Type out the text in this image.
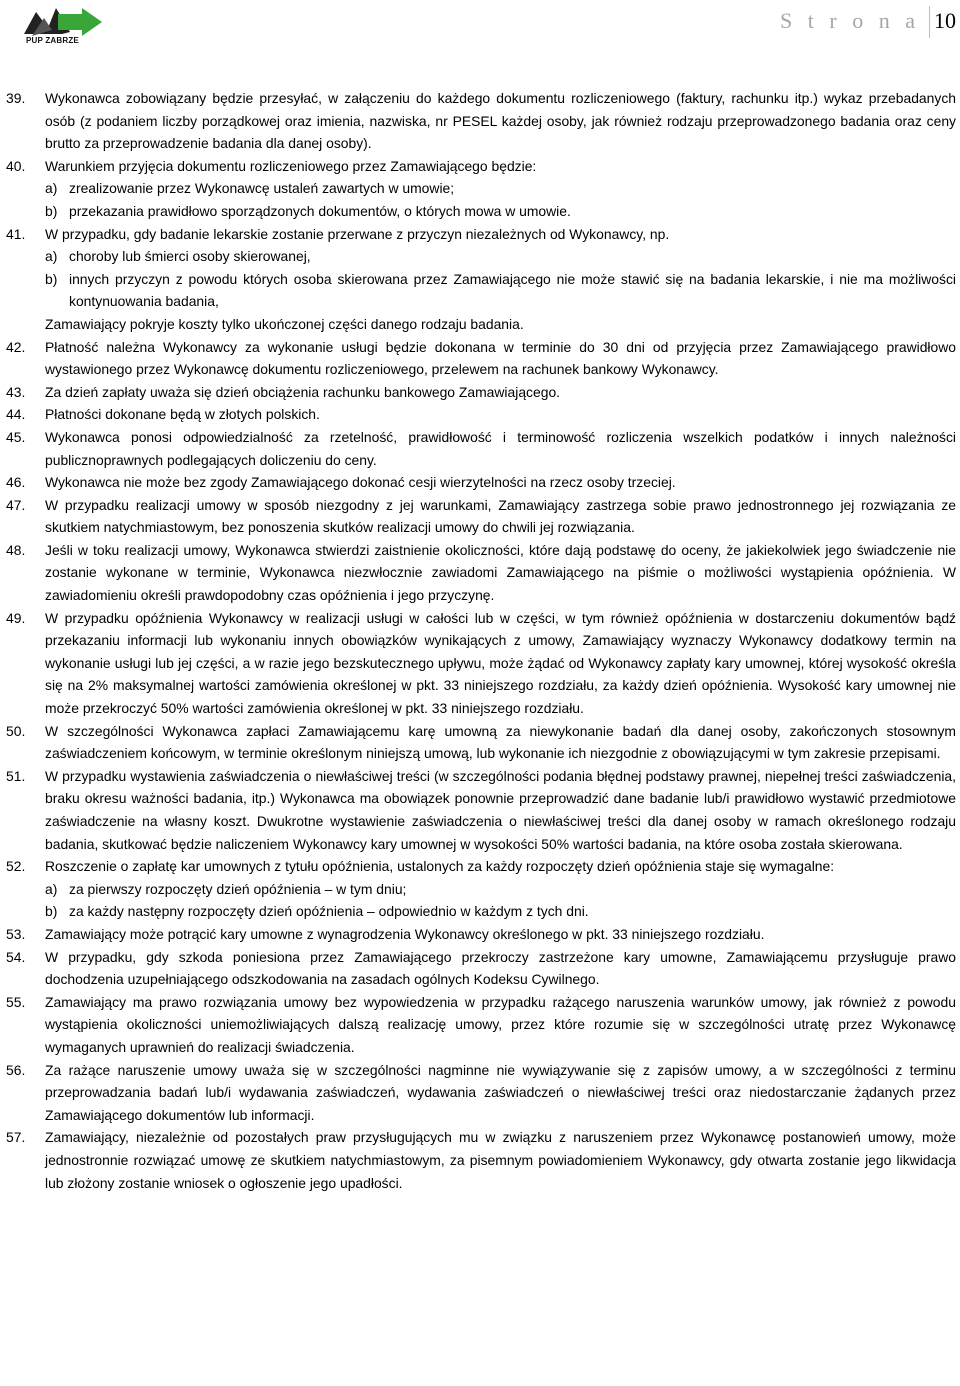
PUP ZABRZE
S t r o n a 10
39. Wykonawca zobowiązany będzie przesyłać, w załączeniu do każdego dokumentu rozliczeniowego (faktury, rachunku itp.) wykaz przebadanych osób (z podaniem liczby porządkowej oraz imienia, nazwiska, nr PESEL każdej osoby, jak również rodzaju przeprowadzonego badania oraz ceny brutto za przeprowadzenie badania dla danej osoby).
40. Warunkiem przyjęcia dokumentu rozliczeniowego przez Zamawiającego będzie:
a) zrealizowanie przez Wykonawcę ustaleń zawartych w umowie;
b) przekazania prawidłowo sporządzonych dokumentów, o których mowa w umowie.
41. W przypadku, gdy badanie lekarskie zostanie przerwane z przyczyn niezależnych od Wykonawcy, np.
a) choroby lub śmierci osoby skierowanej,
b) innych przyczyn z powodu których osoba skierowana przez Zamawiającego nie może stawić się na badania lekarskie, i nie ma możliwości kontynuowania badania,
Zamawiający pokryje koszty tylko ukończonej części danego rodzaju badania.
42. Płatność należna Wykonawcy za wykonanie usługi będzie dokonana w terminie do 30 dni od przyjęcia przez Zamawiającego prawidłowo wystawionego przez Wykonawcę dokumentu rozliczeniowego, przelewem na rachunek bankowy Wykonawcy.
43. Za dzień zapłaty uważa się dzień obciążenia rachunku bankowego Zamawiającego.
44. Płatności dokonane będą w złotych polskich.
45. Wykonawca ponosi odpowiedzialność za rzetelność, prawidłowość i terminowość rozliczenia wszelkich podatków i innych należności publicznoprawnych podlegających doliczeniu do ceny.
46. Wykonawca nie może bez zgody Zamawiającego dokonać cesji wierzytelności na rzecz osoby trzeciej.
47. W przypadku realizacji umowy w sposób niezgodny z jej warunkami, Zamawiający zastrzega sobie prawo jednostronnego jej rozwiązania ze skutkiem natychmiastowym, bez ponoszenia skutków realizacji umowy do chwili jej rozwiązania.
48. Jeśli w toku realizacji umowy, Wykonawca stwierdzi zaistnienie okoliczności, które dają podstawę do oceny, że jakiekolwiek jego świadczenie nie zostanie wykonane w terminie, Wykonawca niezwłocznie zawiadomi Zamawiającego na piśmie o możliwości wystąpienia opóźnienia. W zawiadomieniu określi prawdopodobny czas opóźnienia i jego przyczynę.
49. W przypadku opóźnienia Wykonawcy w realizacji usługi w całości lub w części, w tym również opóźnienia w dostarczeniu dokumentów bądź przekazaniu informacji lub wykonaniu innych obowiązków wynikających z umowy, Zamawiający wyznaczy Wykonawcy dodatkowy termin na wykonanie usługi lub jej części, a w razie jego bezskutecznego upływu, może żądać od Wykonawcy zapłaty kary umownej, której wysokość określa się na 2% maksymalnej wartości zamówienia określonej w pkt. 33 niniejszego rozdziału, za każdy dzień opóźnienia. Wysokość kary umownej nie może przekroczyć 50% wartości zamówienia określonej w pkt. 33 niniejszego rozdziału.
50. W szczególności Wykonawca zapłaci Zamawiającemu karę umowną za niewykonanie badań dla danej osoby, zakończonych stosownym zaświadczeniem końcowym, w terminie określonym niniejszą umową, lub wykonanie ich niezgodnie z obowiązującymi w tym zakresie przepisami.
51. W przypadku wystawienia zaświadczenia o niewłaściwej treści (w szczególności podania błędnej podstawy prawnej, niepełnej treści zaświadczenia, braku okresu ważności badania, itp.) Wykonawca ma obowiązek ponownie przeprowadzić dane badanie lub/i prawidłowo wystawić przedmiotowe zaświadczenie na własny koszt. Dwukrotne wystawienie zaświadczenia o niewłaściwej treści dla danej osoby w ramach określonego rodzaju badania, skutkować będzie naliczeniem Wykonawcy kary umownej w wysokości 50% wartości badania, na które osoba została skierowana.
52. Roszczenie o zapłatę kar umownych z tytułu opóźnienia, ustalonych za każdy rozpoczęty dzień opóźnienia staje się wymagalne:
a) za pierwszy rozpoczęty dzień opóźnienia – w tym dniu;
b) za każdy następny rozpoczęty dzień opóźnienia – odpowiednio w każdym z tych dni.
53. Zamawiający może potrącić kary umowne z wynagrodzenia Wykonawcy określonego w pkt. 33 niniejszego rozdziału.
54. W przypadku, gdy szkoda poniesiona przez Zamawiającego przekroczy zastrzeżone kary umowne, Zamawiającemu przysługuje prawo dochodzenia uzupełniającego odszkodowania na zasadach ogólnych Kodeksu Cywilnego.
55. Zamawiający ma prawo rozwiązania umowy bez wypowiedzenia w przypadku rażącego naruszenia warunków umowy, jak również z powodu wystąpienia okoliczności uniemożliwiających dalszą realizację umowy, przez które rozumie się w szczególności utratę przez Wykonawcę wymaganych uprawnień do realizacji świadczenia.
56. Za rażące naruszenie umowy uważa się w szczególności nagminne nie wywiązywanie się z zapisów umowy, a w szczególności z terminu przeprowadzania badań lub/i wydawania zaświadczeń, wydawania zaświadczeń o niewłaściwej treści oraz niedostarczanie żądanych przez Zamawiającego dokumentów lub informacji.
57. Zamawiający, niezależnie od pozostałych praw przysługujących mu w związku z naruszeniem przez Wykonawcę postanowień umowy, może jednostronnie rozwiązać umowę ze skutkiem natychmiastowym, za pisemnym powiadomieniem Wykonawcy, gdy otwarta zostanie jego likwidacja lub złożony zostanie wniosek o ogłoszenie jego upadłości.
